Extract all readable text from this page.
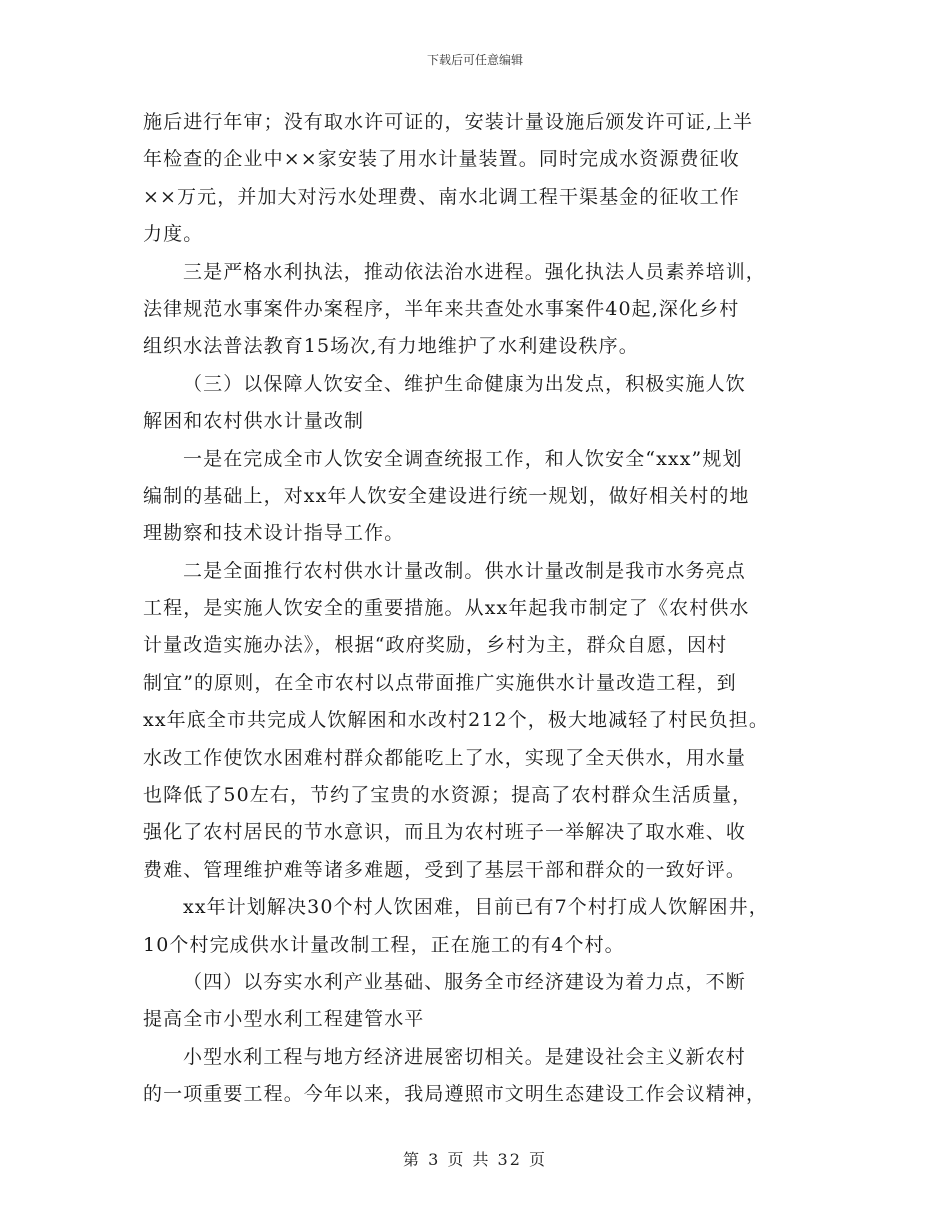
下载后可任意编辑
施后进行年审；没有取水许可证的，安装计量设施后颁发许可证,上半
年检查的企业中××家安装了用水计量装置。同时完成水资源费征收
××万元，并加大对污水处理费、南水北调工程干渠基金的征收工作
力度。
三是严格水利执法，推动依法治水进程。强化执法人员素养培训，
法律规范水事案件办案程序，半年来共查处水事案件40起,深化乡村
组织水法普法教育15场次,有力地维护了水利建设秩序。
（三）以保障人饮安全、维护生命健康为出发点，积极实施人饮
解困和农村供水计量改制
一是在完成全市人饮安全调查统报工作，和人饮安全“xxx”规划
编制的基础上，对xx年人饮安全建设进行统一规划，做好相关村的地
理勘察和技术设计指导工作。
二是全面推行农村供水计量改制。供水计量改制是我市水务亮点
工程，是实施人饮安全的重要措施。从xx年起我市制定了《农村供水
计量改造实施办法》，根据“政府奖励，乡村为主，群众自愿，因村
制宜”的原则，在全市农村以点带面推广实施供水计量改造工程，到
xx年底全市共完成人饮解困和水改村212个，极大地减轻了村民负担。
水改工作使饮水困难村群众都能吃上了水，实现了全天供水，用水量
也降低了50左右，节约了宝贵的水资源；提高了农村群众生活质量，
强化了农村居民的节水意识，而且为农村班子一举解决了取水难、收
费难、管理维护难等诸多难题，受到了基层干部和群众的一致好评。
xx年计划解决30个村人饮困难，目前已有7个村打成人饮解困井，
10个村完成供水计量改制工程，正在施工的有4个村。
（四）以夯实水利产业基础、服务全市经济建设为着力点，不断
提高全市小型水利工程建管水平
小型水利工程与地方经济进展密切相关。是建设社会主义新农村
的一项重要工程。今年以来，我局遵照市文明生态建设工作会议精神，
第 3 页 共 32 页
